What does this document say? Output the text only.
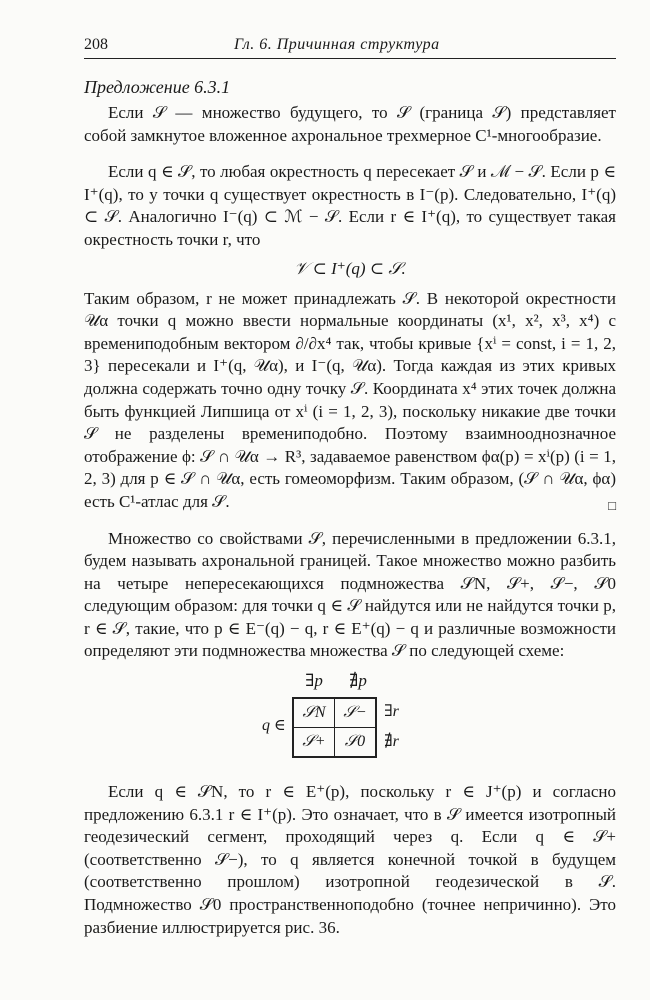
208	Гл. 6. Причинная структура
Предложение 6.3.1

Если 𝒮 — множество будущего, то 𝒮̇ (граница 𝒮) представляет собой замкнутое вложенное ахрональное трехмерное C¹-многообразие.

Если q ∈ 𝒮̇, то любая окрестность q пересекает 𝒮 и ℳ − 𝒮. Если p ∈ I⁺(q), то у точки q существует окрестность в I⁻(p). Следовательно, I⁺(q) ⊂ 𝒮. Аналогично I⁻(q) ⊂ ℳ − 𝒮. Если r ∈ I⁺(q), то существует такая окрестность точки r, что

𝒱 ⊂ I⁺(q) ⊂ 𝒮.

Таким образом, r не может принадлежать 𝒮̇. В некоторой окрестности 𝒰α точки q можно ввести нормальные координаты (x¹, x², x³, x⁴) с времениподобным вектором ∂/∂x⁴ так, чтобы кривые {xⁱ = const, i = 1, 2, 3} пересекали и I⁺(q, 𝒰α), и I⁻(q, 𝒰α). Тогда каждая из этих кривых должна содержать точно одну точку 𝒮̇. Координата x⁴ этих точек должна быть функцией Липшица от xⁱ (i = 1, 2, 3), поскольку никакие две точки 𝒮̇ не разделены времениподобно. Поэтому взаимнооднозначное отображение ϕ: 𝒮̇ ∩ 𝒰α → R³, задаваемое равенством ϕα(p) = xⁱ(p) (i = 1, 2, 3) для p ∈ 𝒮̇ ∩ 𝒰α, есть гомеоморфизм. Таким образом, (𝒮̇ ∩ 𝒰α, ϕα) есть C¹-атлас для 𝒮̇.	□

Множество со свойствами 𝒮̇, перечисленными в предложении 6.3.1, будем называть ахрональной границей. Такое множество можно разбить на четыре непересекающихся подмножества 𝒮̇N, 𝒮̇+, 𝒮̇−, 𝒮̇0 следующим образом: для точки q ∈ 𝒮̇ найдутся или не найдутся точки p, r ∈ 𝒮̇, такие, что p ∈ E⁻(q) − q, r ∈ E⁺(q) − q и различные возможности определяют эти подмножества множества 𝒮̇ по следующей схеме:

∃p	∄p
q ∈
𝒮̇N	𝒮̇−
𝒮̇+	𝒮̇0
∃r
∄r

Если q ∈ 𝒮̇N, то r ∈ E⁺(p), поскольку r ∈ J⁺(p) и согласно предложению 6.3.1 r ∈ I⁺(p). Это означает, что в 𝒮̇ имеется изотропный геодезический сегмент, проходящий через q. Если q ∈ 𝒮̇+ (соответственно 𝒮̇−), то q является конечной точкой в будущем (соответственно прошлом) изотропной геодезической в 𝒮̇. Подмножество 𝒮̇0 пространственноподобно (точнее непричинно). Это разбиение иллюстрируется рис. 36.
